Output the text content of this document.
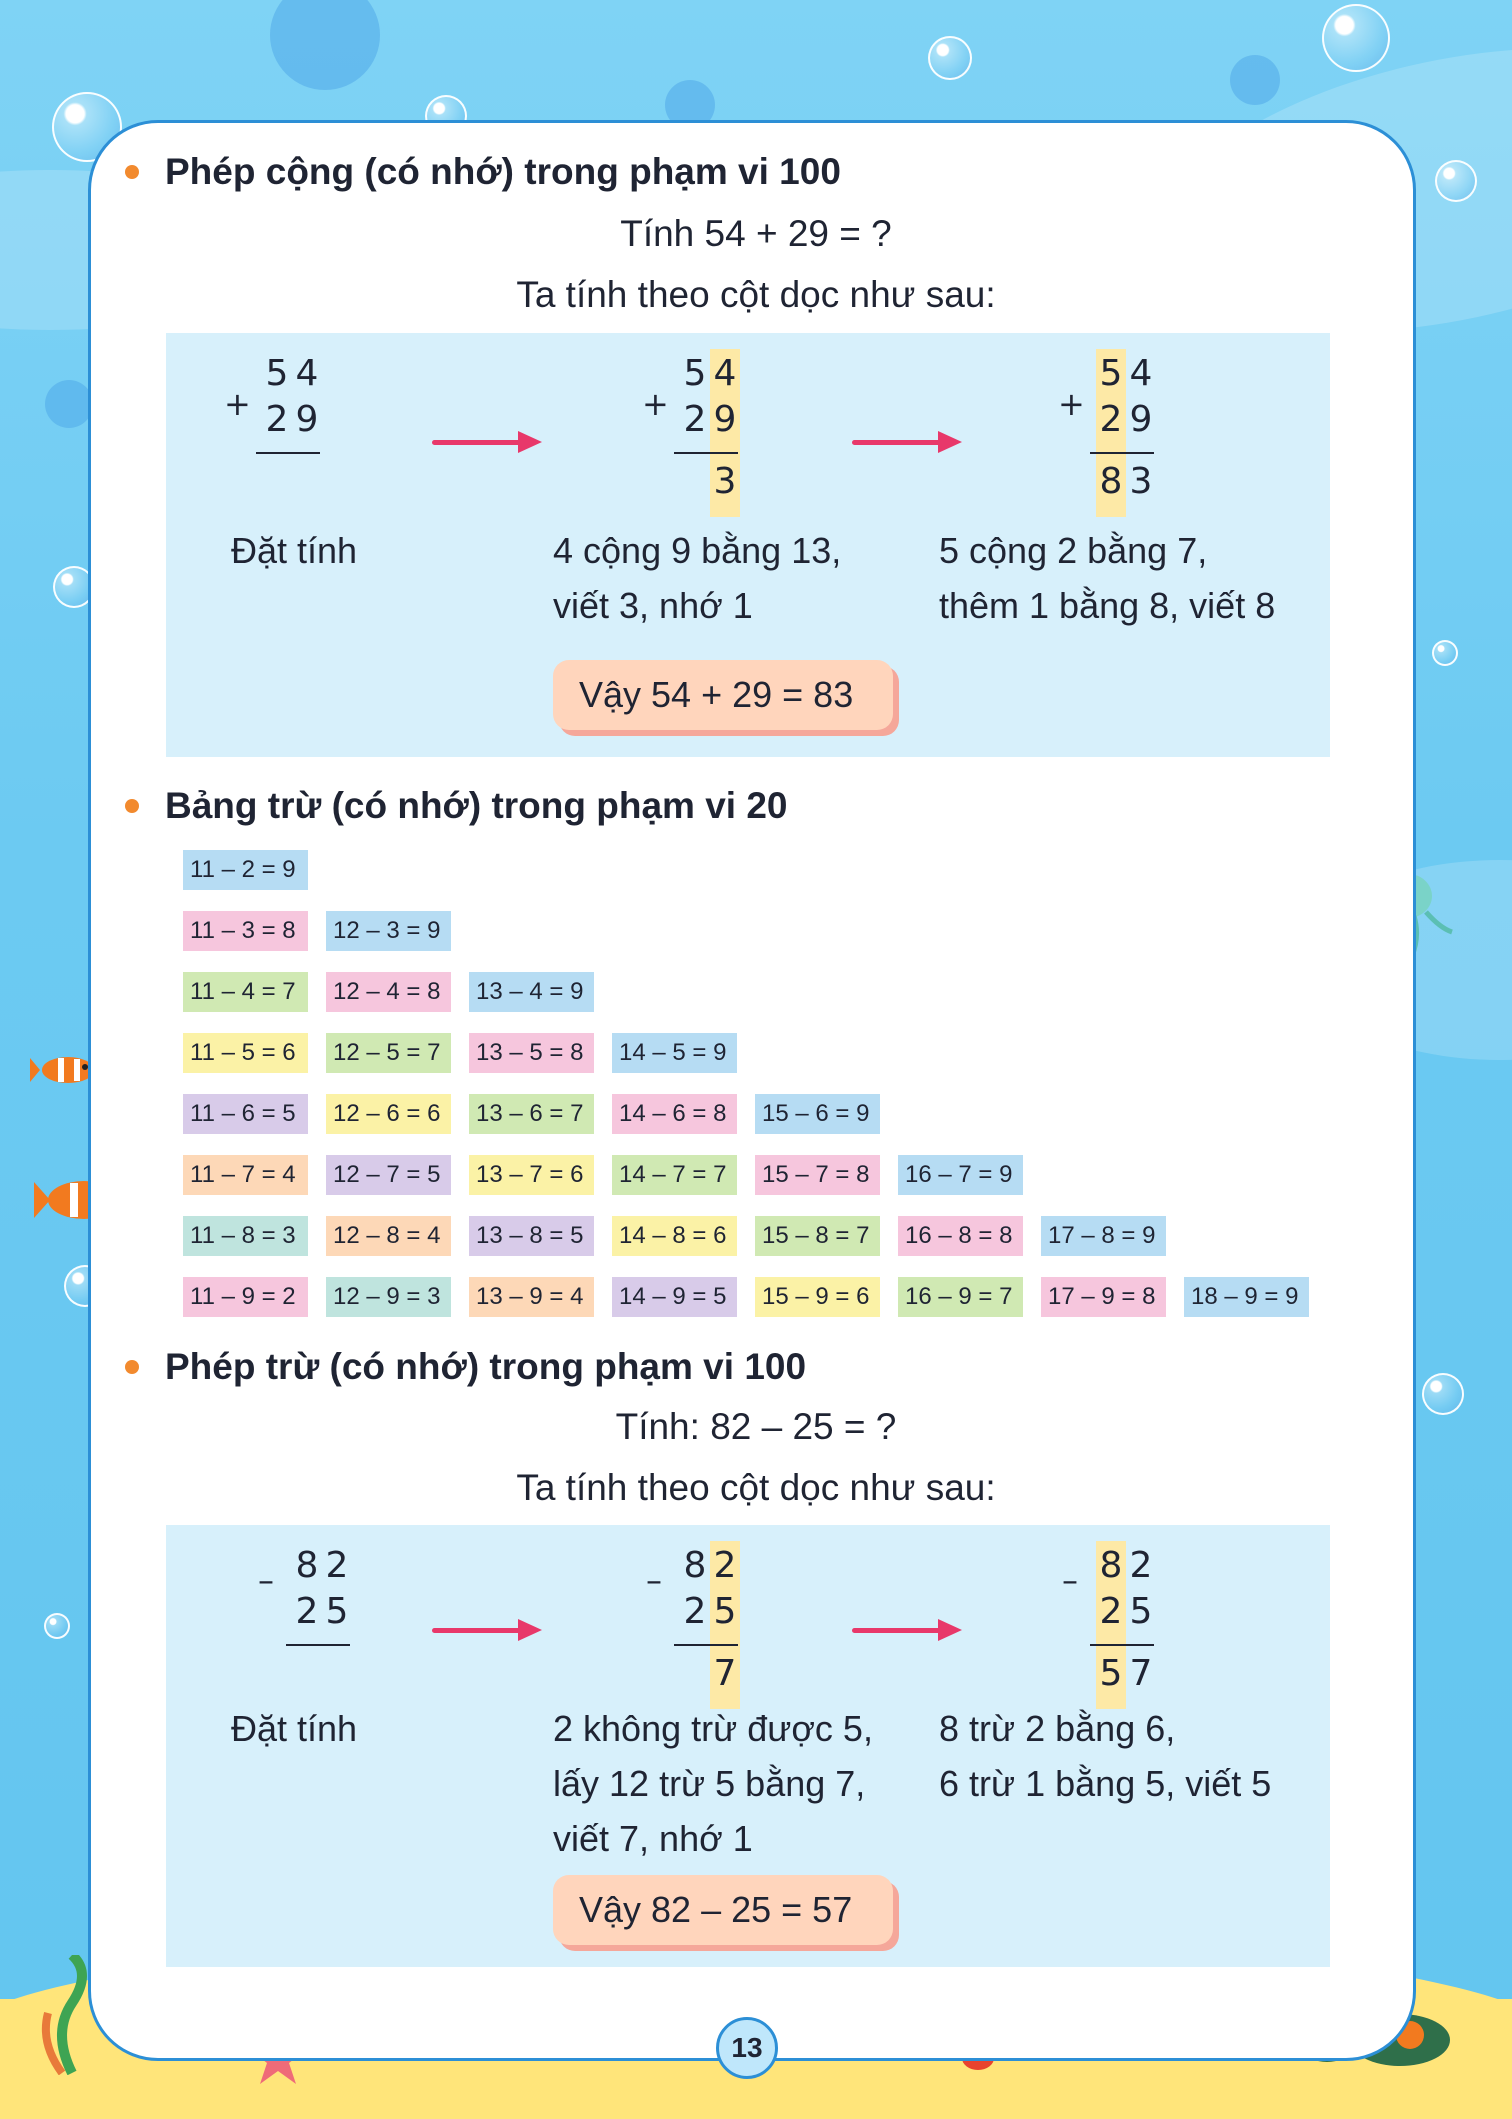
Phép cộng (có nhớ) trong phạm vi 100
Tính 54 + 29 = ?
Ta tính theo cột dọc như sau:
+
5 4
2 9	+
5 4
2 9
3
+
5 4
2 9
8 3
Đặt tính	4 cộng 9 bằng 13,
viết 3, nhớ 1
5 cộng 2 bằng 7,
thêm 1 bằng 8, viết 8
Vậy 54 + 29 = 83
Bảng trừ (có nhớ) trong phạm vi 20
11 – 2 = 9
11 – 3 = 8	12 – 3 = 9
11 – 4 = 7	12 – 4 = 8	13 – 4 = 9
11 – 5 = 6	12 – 5 = 7	13 – 5 = 8	14 – 5 = 9
11 – 6 = 5	12 – 6 = 6	13 – 6 = 7	14 – 6 = 8	15 – 6 = 9
11 – 7 = 4	12 – 7 = 5	13 – 7 = 6	14 – 7 = 7	15 – 7 = 8	16 – 7 = 9
11 – 8 = 3	12 – 8 = 4	13 – 8 = 5	14 – 8 = 6	15 – 8 = 7	16 – 8 = 8	17 – 8 = 9
11 – 9 = 2	12 – 9 = 3	13 – 9 = 4	14 – 9 = 5	15 – 9 = 6	16 – 9 = 7	17 – 9 = 8	18 – 9 = 9
Phép trừ (có nhớ) trong phạm vi 100
Tính: 82 – 25 = ?
Ta tính theo cột dọc như sau:
– 8 2
2 5
– 8 2
2 5
7
– 8 2
2 5
5 7
Đặt tính	2 không trừ được 5,
lấy 12 trừ 5 bằng 7,
viết 7, nhớ 1
8 trừ 2 bằng 6,
6 trừ 1 bằng 5, viết 5
Vậy 82 – 25 = 57
13
